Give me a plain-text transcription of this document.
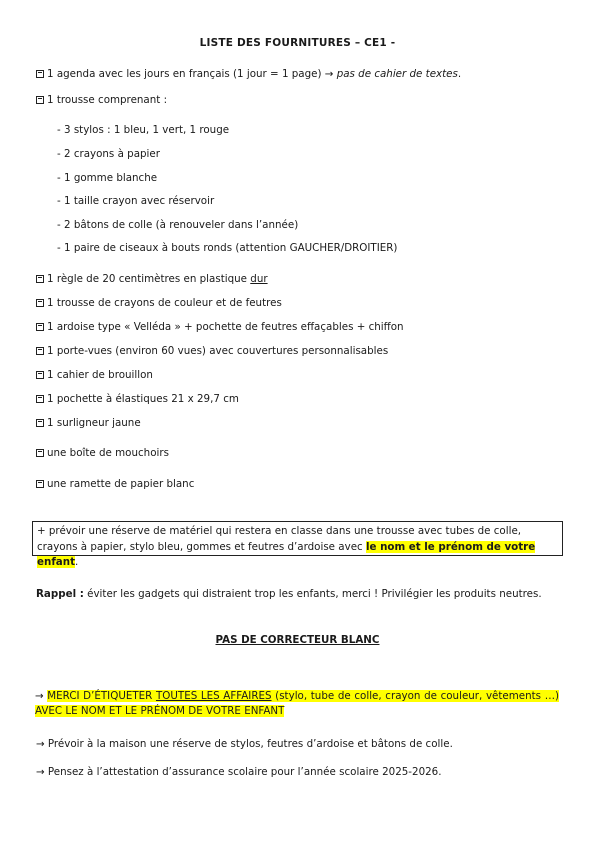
LISTE DES FOURNITURES – CE1 -
1 agenda avec les jours en français (1 jour = 1 page) → pas de cahier de textes.
1 trousse comprenant :
- 3 stylos : 1 bleu, 1 vert, 1 rouge
- 2 crayons à papier
- 1 gomme blanche
- 1 taille crayon avec réservoir
- 2 bâtons de colle (à renouveler dans l’année)
- 1 paire de ciseaux à bouts ronds (attention GAUCHER/DROITIER)
1 règle de 20 centimètres en plastique dur
1 trousse de crayons de couleur et de feutres
1 ardoise type « Velléda » + pochette de feutres effaçables + chiffon
1 porte-vues (environ 60 vues) avec couvertures personnalisables
1 cahier de brouillon
1 pochette à élastiques 21 x 29,7 cm
1 surligneur jaune
une boîte de mouchoirs
une ramette de papier blanc
+ prévoir une réserve de matériel qui restera en classe dans une trousse avec tubes de colle, crayons à papier, stylo bleu, gommes et feutres d’ardoise avec le nom et le prénom de votre enfant.
Rappel : éviter les gadgets qui distraient trop les enfants, merci ! Privilégier les produits neutres.
PAS DE CORRECTEUR BLANC
→ MERCI D’ÉTIQUETER TOUTES LES AFFAIRES (stylo, tube de colle, crayon de couleur, vêtements …) AVEC LE NOM ET LE PRÉNOM DE VOTRE ENFANT
→ Prévoir à la maison une réserve de stylos, feutres d’ardoise et bâtons de colle.
→ Pensez à l’attestation d’assurance scolaire pour l’année scolaire 2025-2026.
